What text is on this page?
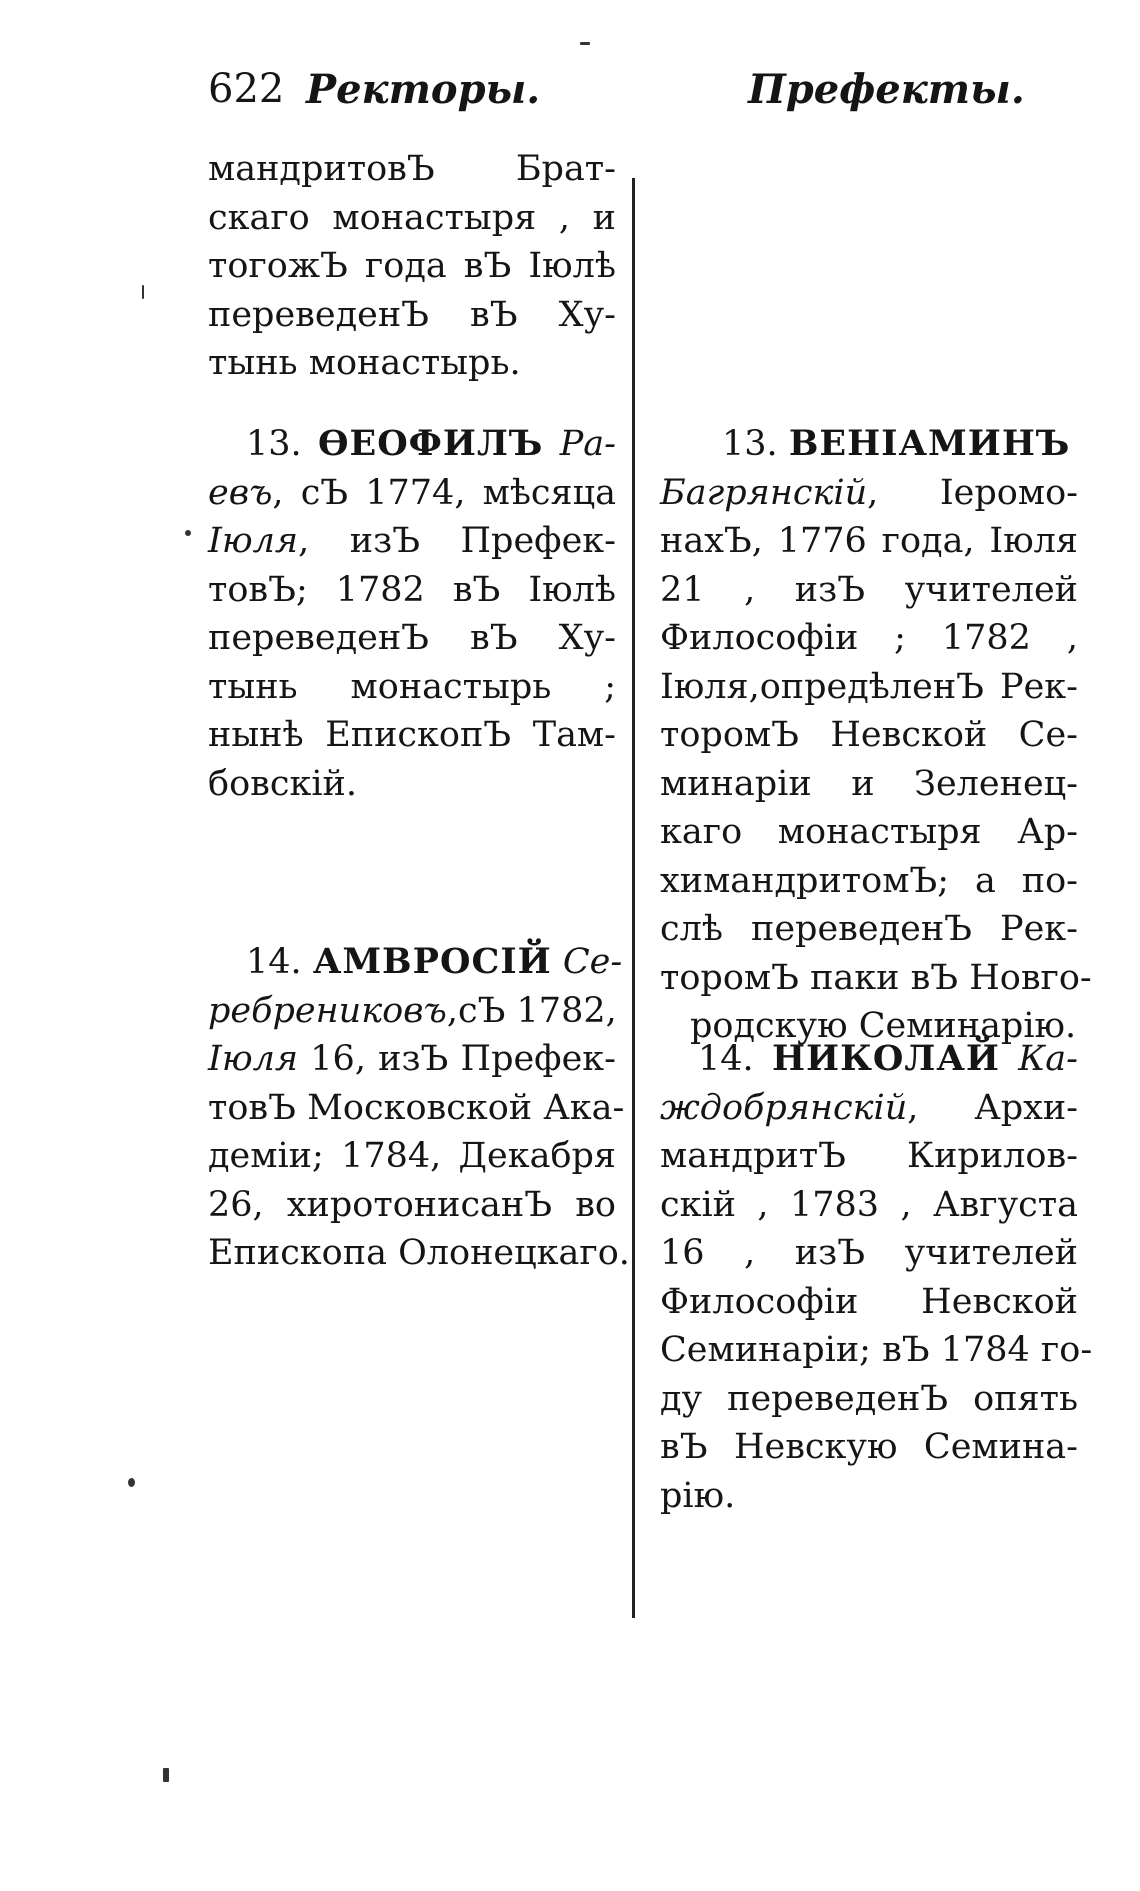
622 Ректоры.	Префекты.
мандритовЪ Брат-
скаго монастыря , и
тогожЪ года вЪ Іюлѣ
переведенЪ вЪ Ху-
тынь монастырь.
13. ѲЕОФИЛЪ Ра-
евъ, сЪ 1774, мѣсяца
Іюля, изЪ Префек-
товЪ; 1782 вЪ Іюлѣ
переведенЪ вЪ Ху-
тынь монастырь ;
нынѣ ЕпископЪ Там-
бовскій.
14. АМВРОСІЙ Се-
ребрениковъ,сЪ 1782,
Іюля 16, изЪ Префек-
товЪ Московской Ака-
деміи; 1784, Декабря
26, хиротонисанЪ во
Епископа Олонецкаго.
13. ВЕНІАМИНЪ
Багрянскій, Іеромо-
нахЪ, 1776 года, Іюля
21 , изЪ учителей
Философіи ; 1782 ,
Іюля,опредѣленЪ Рек-
торомЪ Невской Се-
минаріи и Зеленец-
каго монастыря Ар-
химандритомЪ; а по-
слѣ переведенЪ Рек-
торомЪ паки вЪ Новго-
родскую Семинарію.
14. НИКОЛАЙ Ка-
ждобрянскій, Архи-
мандритЪ Кирилов-
скій , 1783 , Августа
16 , изЪ учителей
Философіи Невской
Семинаріи; вЪ 1784 го-
ду переведенЪ опять
вЪ Невскую Семина-
рію.
